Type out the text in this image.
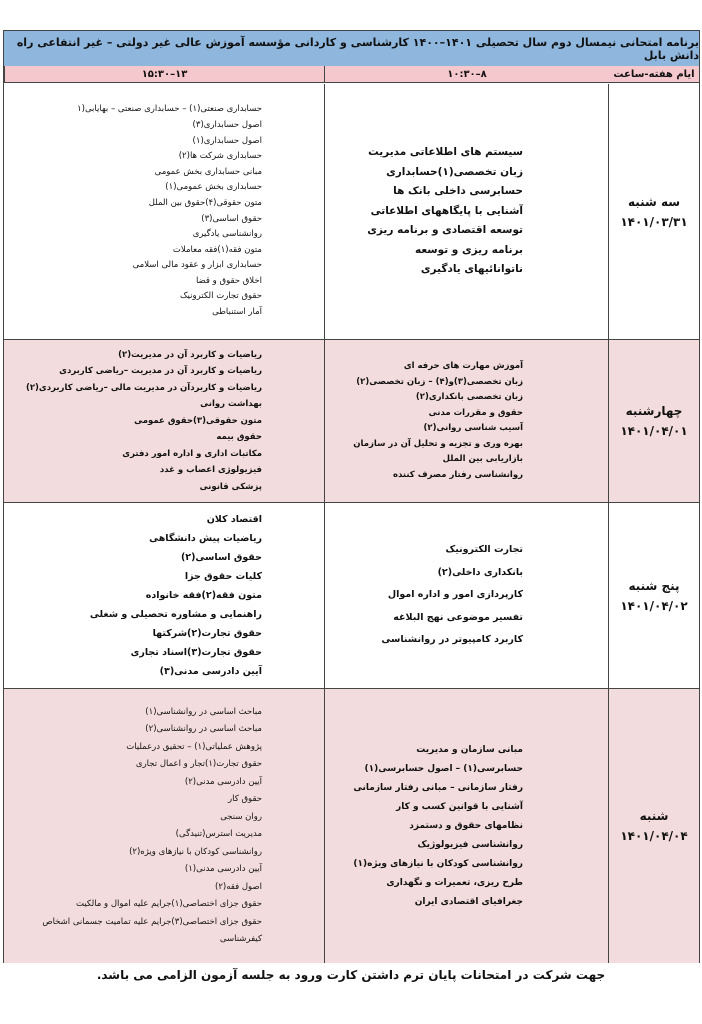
برنامه امتحانی نیمسال دوم سال تحصیلی ۱۴۰۱–۱۴۰۰ کارشناسی و کاردانی مؤسسه آموزش عالی غیر دولتی – غیر انتفاعی راه دانش بابل
ایام هفته-ساعت
۸–۱۰:۳۰
۱۳–۱۵:۳۰
سه شنبه
۱۴۰۱/۰۳/۳۱
سیستم های اطلاعاتی مدیریت
زبان تخصصی(۱)حسابداری
حسابرسی داخلی بانک ها
آشنایی با پایگاههای اطلاعاتی
توسعه اقتصادی و برنامه ریزی
برنامه ریزی و توسعه
ناتوانائیهای یادگیری
حسابداری صنعتی(۱) – حسابداری صنعتی – بهایابی(۱
اصول حسابداری(۳)
اصول حسابداری(۱)
حسابداری شرکت ها(۲)
مبانی حسابداری بخش عمومی
حسابداری بخش عمومی(۱)
متون حقوقی(۴)حقوق بین الملل
حقوق اساسی(۳)
روانشناسی یادگیری
متون فقه(۱)فقه معاملات
حسابداری ابزار و عقود مالی اسلامی
اخلاق حقوق و قضا
حقوق تجارت الکترونیک
آمار استنباطی
چهارشنبه
۱۴۰۱/۰۴/۰۱
آموزش مهارت های حرفه ای
زبان تخصصی(۳)و(۴) – زبان تخصصی(۲)
زبان تخصصی بانکداری(۲)
حقوق و مقررات مدنی
آسیب شناسی روانی(۲)
بهره وری و تجزیه و تحلیل آن در سازمان
بازاریابی بین الملل
روانشناسی رفتار مصرف کننده
ریاضیات و کاربرد آن در مدیریت(۲)
ریاضیات و کاربرد آن در مدیریت –ریاضی کاربردی
ریاضیات و کاربردآن در مدیریت مالی –ریاضی کاربردی(۲)
بهداشت روانی
متون حقوقی(۳)حقوق عمومی
حقوق بیمه
مکاتبات اداری و اداره امور دفتری
فیزیولوژی اعصاب و غدد
پزشکی قانونی
پنج شنبه
۱۴۰۱/۰۴/۰۲
تجارت الکترونیک
بانکداری داخلی(۲)
کارپردازی امور و اداره اموال
تفسیر موضوعی نهج البلاغه
کاربرد کامپیوتر در روانشناسی
اقتصاد کلان
ریاضیات پیش دانشگاهی
حقوق اساسی(۲)
کلیات حقوق جزا
متون فقه(۲)فقه خانواده
راهنمایی و مشاوره تحصیلی و شغلی
حقوق تجارت(۲)شرکتها
حقوق تجارت(۳)اسناد تجاری
آیین دادرسی مدنی(۳)
شنبه
۱۴۰۱/۰۴/۰۴
مبانی سازمان و مدیریت
حسابرسی(۱) – اصول حسابرسی(۱)
رفتار سازمانی – مبانی رفتار سازمانی
آشنایی با قوانین کسب و کار
نظامهای حقوق و دستمزد
روانشناسی فیزیولوژیک
روانشناسی کودکان با نیازهای ویژه(۱)
طرح ریزی، تعمیرات و نگهداری
جغرافیای اقتصادی ایران
مباحث اساسی در روانشناسی(۱)
مباحث اساسی در روانشناسی(۲)
پژوهش عملیاتی(۱) – تحقیق درعملیات
حقوق تجارت(۱)تجار و اعمال تجاری
آیین دادرسی مدنی(۲)
حقوق کار
روان سنجی
مدیریت استرس(تنیدگی)
روانشناسی کودکان با نیازهای ویژه(۲)
آیین دادرسی مدنی(۱)
اصول فقه(۲)
حقوق جزای اختصاصی(۱)جرایم علیه اموال و مالکیت
حقوق جزای اختصاصی(۳)جرایم علیه تمامیت جسمانی اشخاص
کیفرشناسی
جهت شرکت در امتحانات پایان ترم داشتن کارت ورود به جلسه آزمون الزامی می باشد.
